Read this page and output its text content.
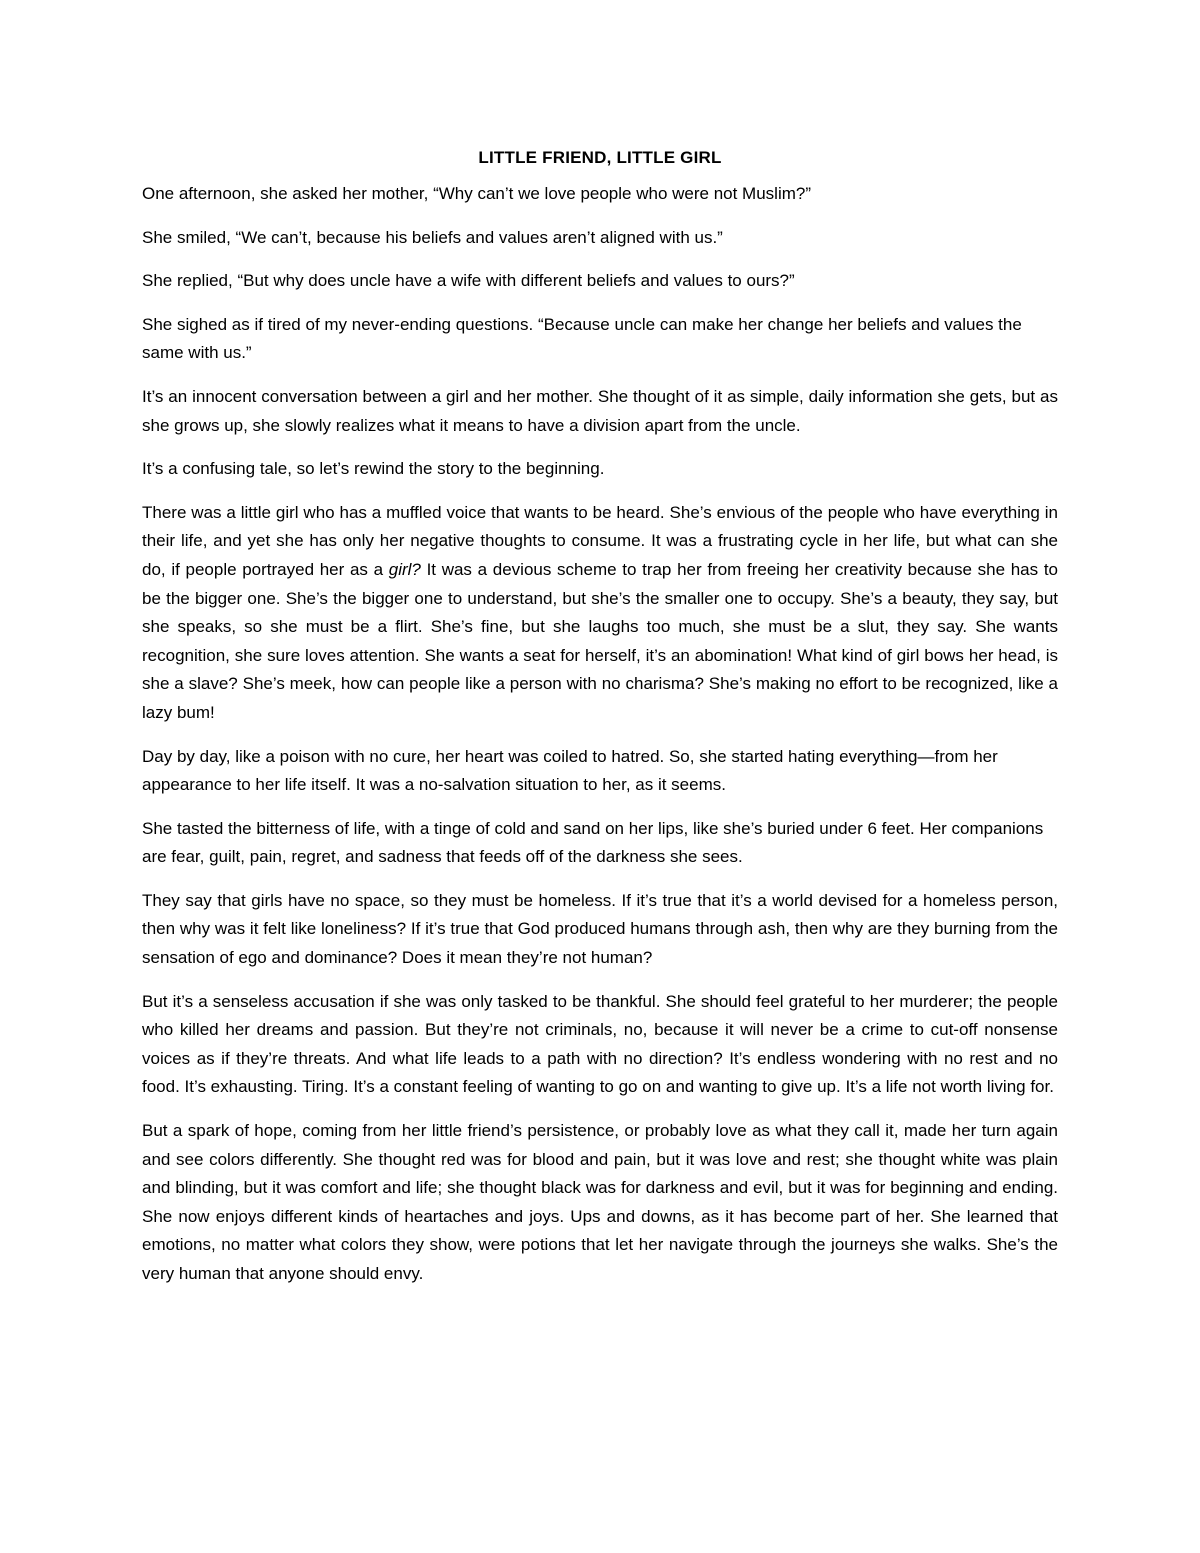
LITTLE FRIEND, LITTLE GIRL

One afternoon, she asked her mother, “Why can’t we love people who were not Muslim?”

She smiled, “We can’t, because his beliefs and values aren’t aligned with us.”

She replied, “But why does uncle have a wife with different beliefs and values to ours?”

She sighed as if tired of my never-ending questions. “Because uncle can make her change her beliefs and values the same with us.”

It’s an innocent conversation between a girl and her mother. She thought of it as simple, daily information she gets, but as she grows up, she slowly realizes what it means to have a division apart from the uncle.

It’s a confusing tale, so let’s rewind the story to the beginning.

There was a little girl who has a muffled voice that wants to be heard. She’s envious of the people who have everything in their life, and yet she has only her negative thoughts to consume. It was a frustrating cycle in her life, but what can she do, if people portrayed her as a girl? It was a devious scheme to trap her from freeing her creativity because she has to be the bigger one. She’s the bigger one to understand, but she’s the smaller one to occupy. She’s a beauty, they say, but she speaks, so she must be a flirt. She’s fine, but she laughs too much, she must be a slut, they say. She wants recognition, she sure loves attention. She wants a seat for herself, it’s an abomination! What kind of girl bows her head, is she a slave? She’s meek, how can people like a person with no charisma? She’s making no effort to be recognized, like a lazy bum!

Day by day, like a poison with no cure, her heart was coiled to hatred. So, she started hating everything—from her appearance to her life itself. It was a no-salvation situation to her, as it seems.

She tasted the bitterness of life, with a tinge of cold and sand on her lips, like she’s buried under 6 feet. Her companions are fear, guilt, pain, regret, and sadness that feeds off of the darkness she sees.

They say that girls have no space, so they must be homeless. If it’s true that it’s a world devised for a homeless person, then why was it felt like loneliness? If it’s true that God produced humans through ash, then why are they burning from the sensation of ego and dominance? Does it mean they’re not human?

But it’s a senseless accusation if she was only tasked to be thankful. She should feel grateful to her murderer; the people who killed her dreams and passion. But they’re not criminals, no, because it will never be a crime to cut-off nonsense voices as if they’re threats. And what life leads to a path with no direction? It’s endless wondering with no rest and no food. It’s exhausting. Tiring. It’s a constant feeling of wanting to go on and wanting to give up. It’s a life not worth living for.

But a spark of hope, coming from her little friend’s persistence, or probably love as what they call it, made her turn again and see colors differently. She thought red was for blood and pain, but it was love and rest; she thought white was plain and blinding, but it was comfort and life; she thought black was for darkness and evil, but it was for beginning and ending. She now enjoys different kinds of heartaches and joys. Ups and downs, as it has become part of her. She learned that emotions, no matter what colors they show, were potions that let her navigate through the journeys she walks. She’s the very human that anyone should envy.
